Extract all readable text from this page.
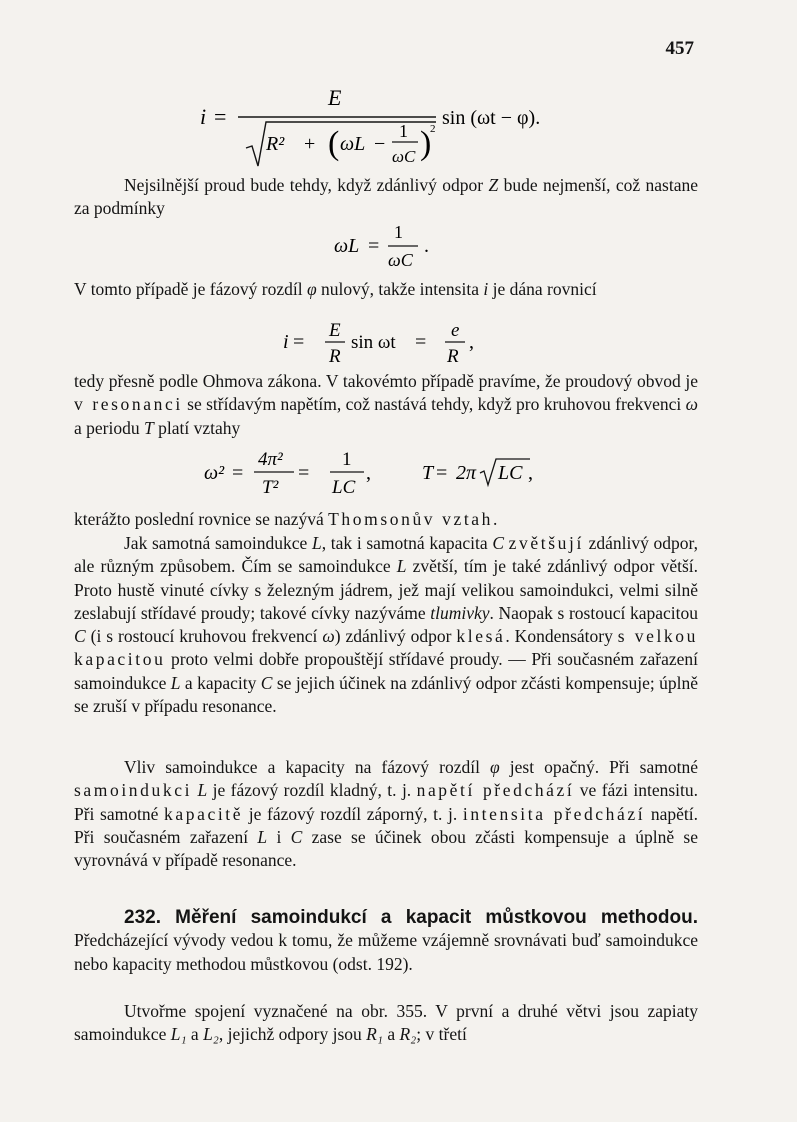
457
i =
E
R² + ( ωL −
1
ωC )
2 sin (ωt − φ).
Nejsilnější proud bude tehdy, když zdánlivý odpor Z bude nejmenší, což nastane za podmínky
ωL =
1
ωC
.
V tomto případě je fázový rozdíl φ nulový, takže intensita i je dána rovnicí
i =
E
R
sin ωt =
e
R
,
tedy přesně podle Ohmova zákona. V takovémto případě pravíme, že proudový obvod je v resonanci se střídavým napětím, což nastává tehdy, když pro kruhovou frekvenci ω a periodu T platí vztahy
ω² =
4π²
T²
=
1
LC
,	T = 2π LC ,
kterážto poslední rovnice se nazývá Thomsonův vztah.
Jak samotná samoindukce L, tak i samotná kapacita C zvětšují zdánlivý odpor, ale různým způsobem. Čím se samoindukce L zvětší, tím je také zdánlivý odpor větší. Proto hustě vinuté cívky s železným jádrem, jež mají velikou samoindukci, velmi silně zeslabují střídavé proudy; takové cívky nazýváme tlumivky. Naopak s rostoucí kapacitou C (i s rostoucí kruhovou frekvencí ω) zdánlivý odpor klesá. Kondensátory s velkou kapacitou proto velmi dobře propouštějí střídavé proudy. — Při současném zařazení samoindukce L a kapacity C se jejich účinek na zdánlivý odpor zčásti kompensuje; úplně se zruší v případu resonance.
Vliv samoindukce a kapacity na fázový rozdíl φ jest opačný. Při samotné samoindukci L je fázový rozdíl kladný, t. j. napětí předchází ve fázi intensitu. Při samotné kapacitě je fázový rozdíl záporný, t. j. intensita předchází napětí. Při současném zařazení L i C zase se účinek obou zčásti kompensuje a úplně se vyrovnává v případě resonance.
232. Měření samoindukcí a kapacit můstkovou methodou. Předcházející vývody vedou k tomu, že můžeme vzájemně srovnávati buď samoindukce nebo kapacity methodou můstkovou (odst. 192).
Utvořme spojení vyznačené na obr. 355. V první a druhé větvi jsou zapiaty samoindukce L₁ a L₂, jejichž odpory jsou R₁ a R₂; v třetí
